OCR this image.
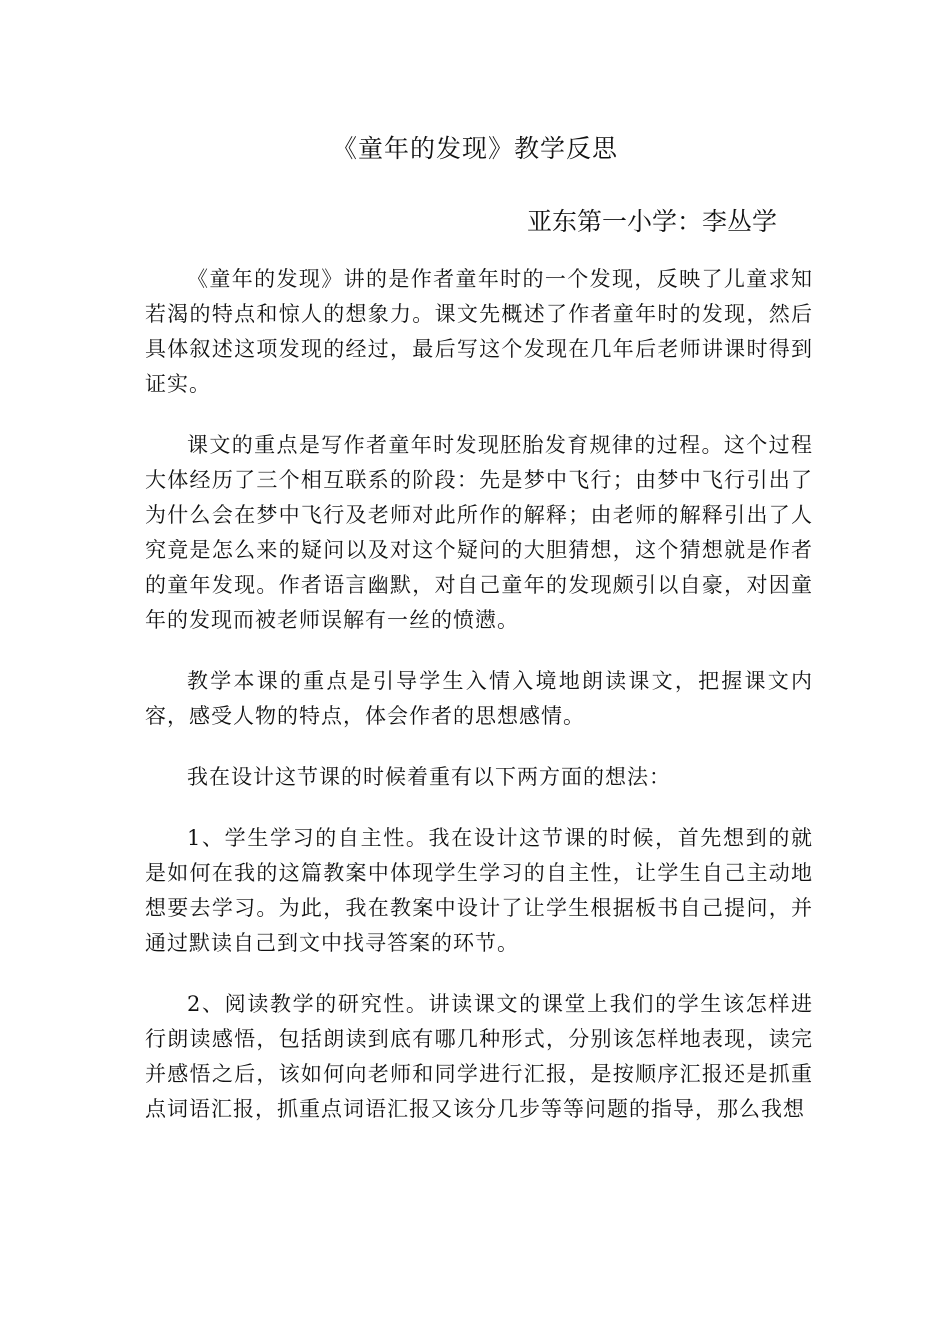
《童年的发现》教学反思
亚东第一小学：李丛学

《童年的发现》讲的是作者童年时的一个发现，反映了儿童求知若渴的特点和惊人的想象力。课文先概述了作者童年时的发现，然后具体叙述这项发现的经过，最后写这个发现在几年后老师讲课时得到证实。

课文的重点是写作者童年时发现胚胎发育规律的过程。这个过程大体经历了三个相互联系的阶段：先是梦中飞行；由梦中飞行引出了为什么会在梦中飞行及老师对此所作的解释；由老师的解释引出了人究竟是怎么来的疑问以及对这个疑问的大胆猜想，这个猜想就是作者的童年发现。作者语言幽默，对自己童年的发现颇引以自豪，对因童年的发现而被老师误解有一丝的愤懑。

教学本课的重点是引导学生入情入境地朗读课文，把握课文内容，感受人物的特点，体会作者的思想感情。

我在设计这节课的时候着重有以下两方面的想法：

1、学生学习的自主性。我在设计这节课的时候，首先想到的就是如何在我的这篇教案中体现学生学习的自主性，让学生自己主动地想要去学习。为此，我在教案中设计了让学生根据板书自己提问，并通过默读自己到文中找寻答案的环节。

2、阅读教学的研究性。讲读课文的课堂上我们的学生该怎样进行朗读感悟，包括朗读到底有哪几种形式，分别该怎样地表现，读完并感悟之后，该如何向老师和同学进行汇报，是按顺序汇报还是抓重点词语汇报，抓重点词语汇报又该分几步等等问题的指导，那么我想
